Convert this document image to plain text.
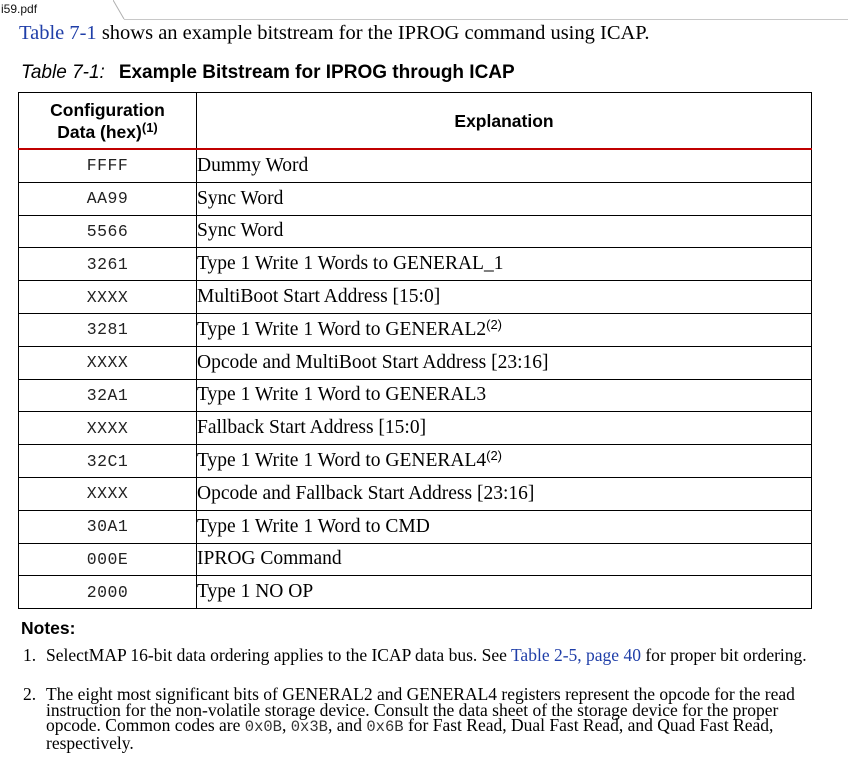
i59.pdf
Table 7-1 shows an example bitstream for the IPROG command using ICAP.
Table 7-1: Example Bitstream for IPROG through ICAP
Configuration
Data (hex)$^{(1)}$	Explanation
FFFF	Dummy Word
AA99	Sync Word
5566	Sync Word
3261	Type 1 Write 1 Words to GENERAL_1
XXXX	MultiBoot Start Address [15:0]
3281	Type 1 Write 1 Word to GENERAL2$^{(2)}$
XXXX	Opcode and MultiBoot Start Address [23:16]
32A1	Type 1 Write 1 Word to GENERAL3
XXXX	Fallback Start Address [15:0]
32C1	Type 1 Write 1 Word to GENERAL4$^{(2)}$
XXXX	Opcode and Fallback Start Address [23:16]
30A1	Type 1 Write 1 Word to CMD
000E	IPROG Command
2000	Type 1 NO OP
Notes:
1. SelectMAP 16-bit data ordering applies to the ICAP data bus. See Table 2-5, page 40 for proper bit ordering.
2. The eight most significant bits of GENERAL2 and GENERAL4 registers represent the opcode for the read instruction for the non-volatile storage device. Consult the data sheet of the storage device for the proper opcode. Common codes are 0x0B, 0x3B, and 0x6B for Fast Read, Dual Fast Read, and Quad Fast Read, respectively.
